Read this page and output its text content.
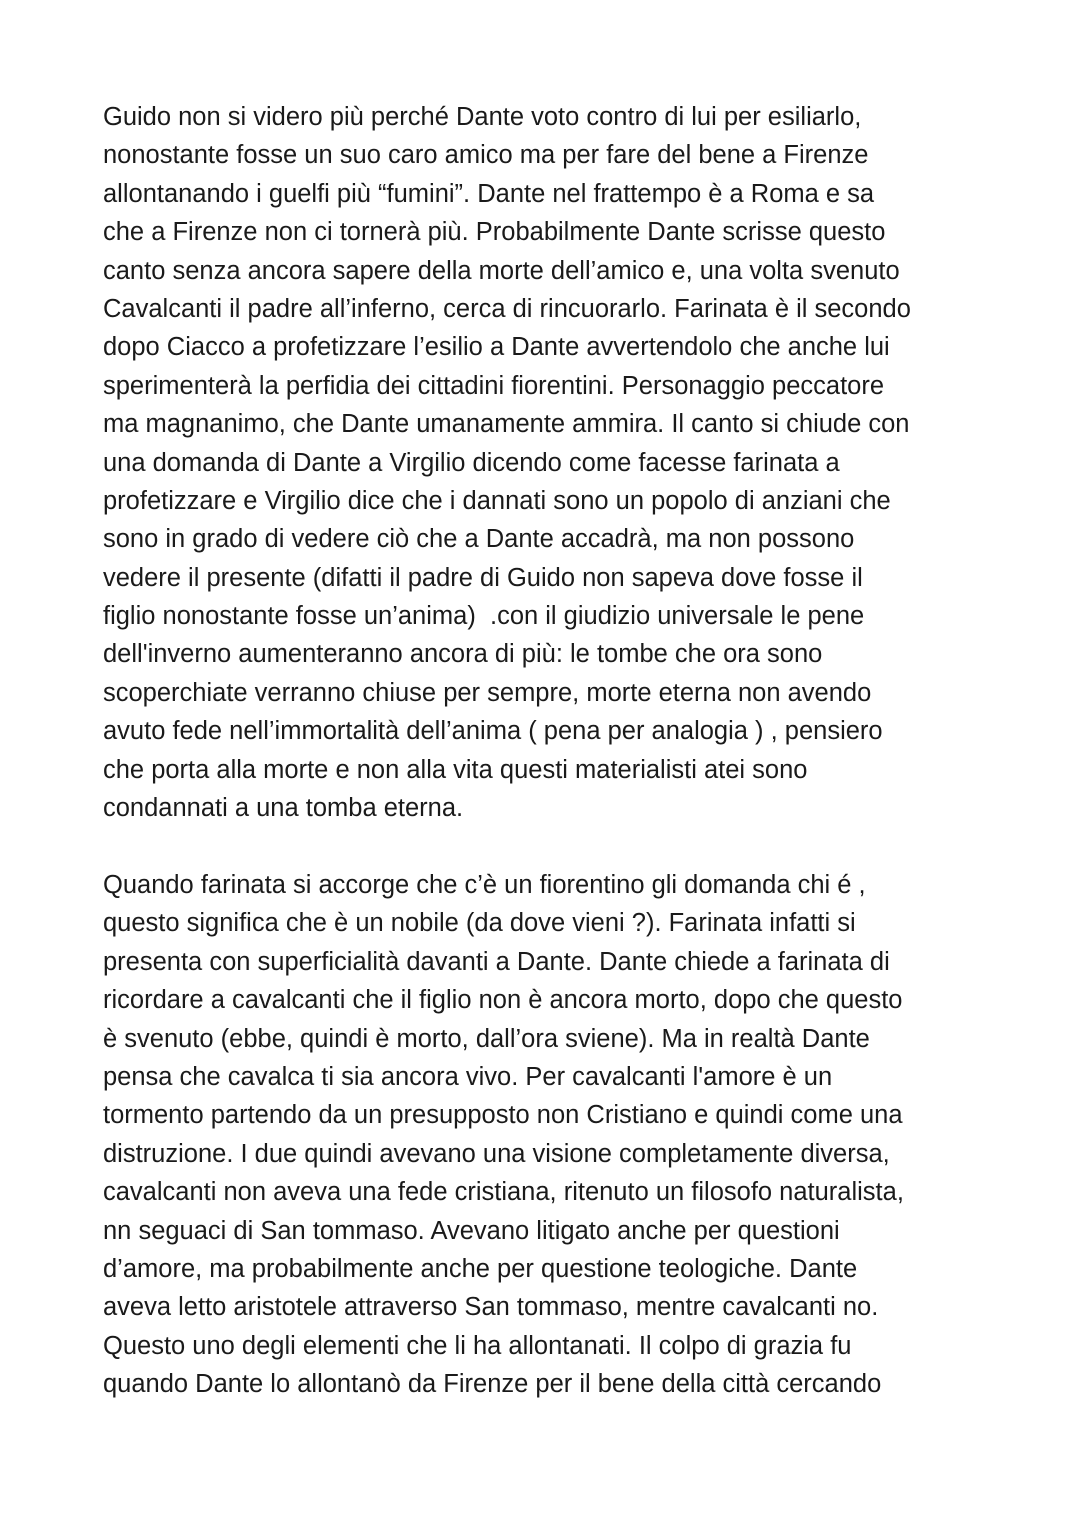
Guido non si videro più perché Dante voto contro di lui per esiliarlo,
nonostante fosse un suo caro amico ma per fare del bene a Firenze
allontanando i guelfi più “fumini”. Dante nel frattempo è a Roma e sa
che a Firenze non ci tornerà più. Probabilmente Dante scrisse questo
canto senza ancora sapere della morte dell’amico e, una volta svenuto
Cavalcanti il padre all’inferno, cerca di rincuorarlo. Farinata è il secondo
dopo Ciacco a profetizzare l’esilio a Dante avvertendolo che anche lui
sperimenterà la perfidia dei cittadini fiorentini. Personaggio peccatore
ma magnanimo, che Dante umanamente ammira. Il canto si chiude con
una domanda di Dante a Virgilio dicendo come facesse farinata a
profetizzare e Virgilio dice che i dannati sono un popolo di anziani che
sono in grado di vedere ciò che a Dante accadrà, ma non possono
vedere il presente (difatti il padre di Guido non sapeva dove fosse il
figlio nonostante fosse un’anima)  .con il giudizio universale le pene
dell'inverno aumenteranno ancora di più: le tombe che ora sono
scoperchiate verranno chiuse per sempre, morte eterna non avendo
avuto fede nell’immortalità dell’anima ( pena per analogia ) , pensiero
che porta alla morte e non alla vita questi materialisti atei sono
condannati a una tomba eterna.
Quando farinata si accorge che c’è un fiorentino gli domanda chi é ,
questo significa che è un nobile (da dove vieni ?). Farinata infatti si
presenta con superficialità davanti a Dante. Dante chiede a farinata di
ricordare a cavalcanti che il figlio non è ancora morto, dopo che questo
è svenuto (ebbe, quindi è morto, dall’ora sviene). Ma in realtà Dante
pensa che cavalca ti sia ancora vivo. Per cavalcanti l'amore è un
tormento partendo da un presupposto non Cristiano e quindi come una
distruzione. I due quindi avevano una visione completamente diversa,
cavalcanti non aveva una fede cristiana, ritenuto un filosofo naturalista,
nn seguaci di San tommaso. Avevano litigato anche per questioni
d’amore, ma probabilmente anche per questione teologiche. Dante
aveva letto aristotele attraverso San tommaso, mentre cavalcanti no.
Questo uno degli elementi che li ha allontanati. Il colpo di grazia fu
quando Dante lo allontanò da Firenze per il bene della città cercando
